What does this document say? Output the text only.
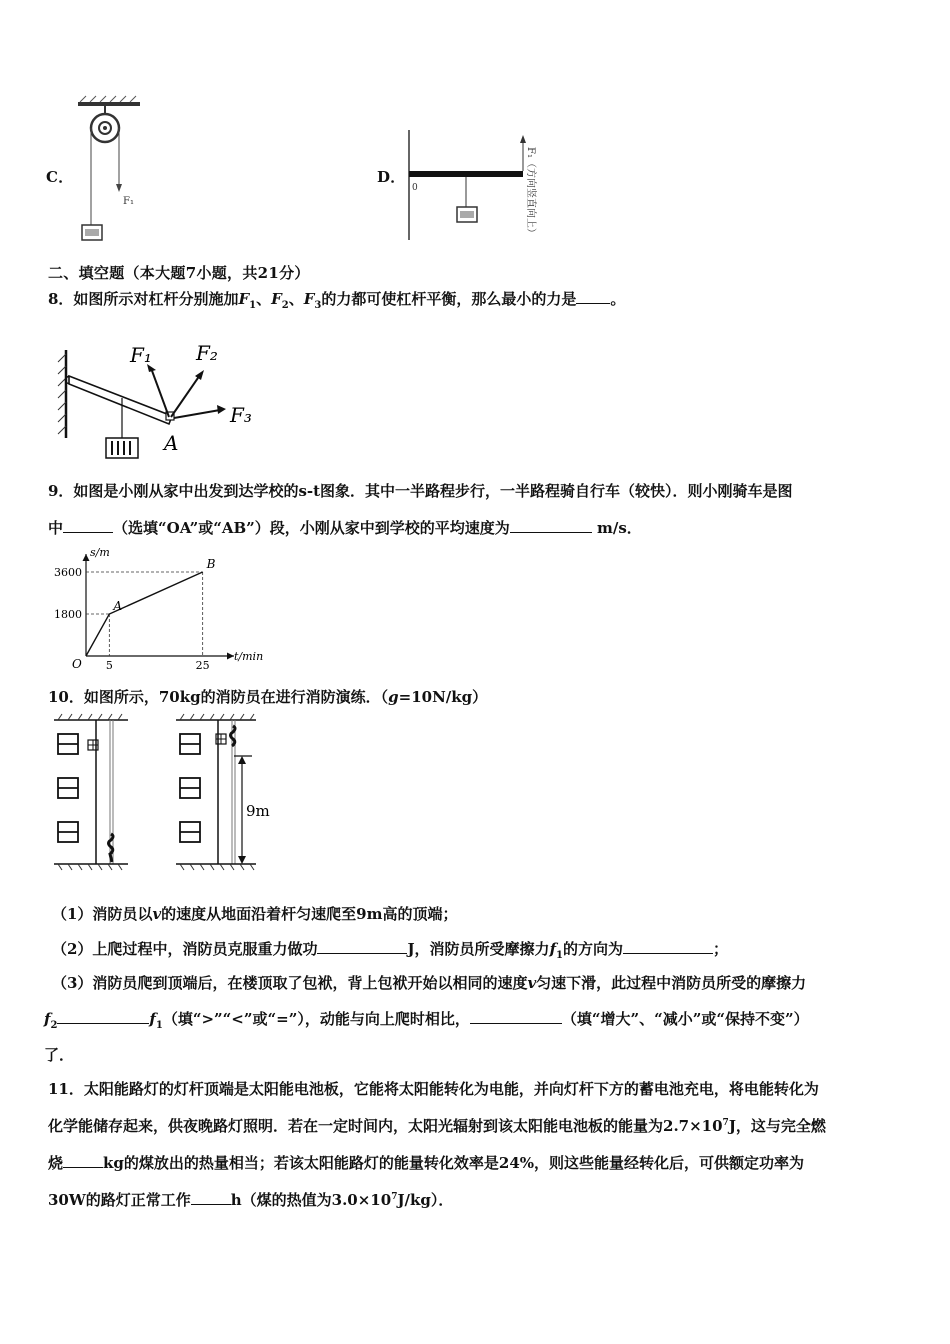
C．
F₁
D．
0	F₁（方向竖直向上）
二、填空题（本大题7小题，共21分）
8．如图所示对杠杆分别施加$F_1$、$F_2$、$F_3$的力都可使杠杆平衡，那么最小的力是 。
F₁ F₂
F₃
A
9．如图是小刚从家中出发到达学校的s-t图象．其中一半路程步行，一半路程骑自行车（较快）．则小刚骑车是图
中	（选填“OA”或“AB”）段，小刚从家中到学校的平均速度为	m/s．
s/m
t/min
1800
3600
5	25
O
A
B
10．如图所示，70kg的消防员在进行消防演练．（g=10N/kg）
9m
（1）消防员以v的速度从地面沿着杆匀速爬至9m高的顶端；
（2）上爬过程中，消防员克服重力做功	J，消防员所受摩擦力$f_1$的方向为	；
（3）消防员爬到顶端后，在楼顶取了包袱，背上包袱开始以相同的速度v匀速下滑，此过程中消防员所受的摩擦力
$f_2$	$f_1$（填“>”“<”或“=”），动能与向上爬时相比，	（填“增大”、“减小”或“保持不变”）
了．
11．太阳能路灯的灯杆顶端是太阳能电池板，它能将太阳能转化为电能，并向灯杆下方的蓄电池充电，将电能转化为
化学能储存起来，供夜晚路灯照明．若在一定时间内，太阳光辐射到该太阳能电池板的能量为$2.7\times 10^7J$，这与完全燃
烧	kg的煤放出的热量相当；若该太阳能路灯的能量转化效率是24%，则这些能量经转化后，可供额定功率为
30W的路灯正常工作	h（煤的热值为$3.0\times 10^7J/kg$）．
